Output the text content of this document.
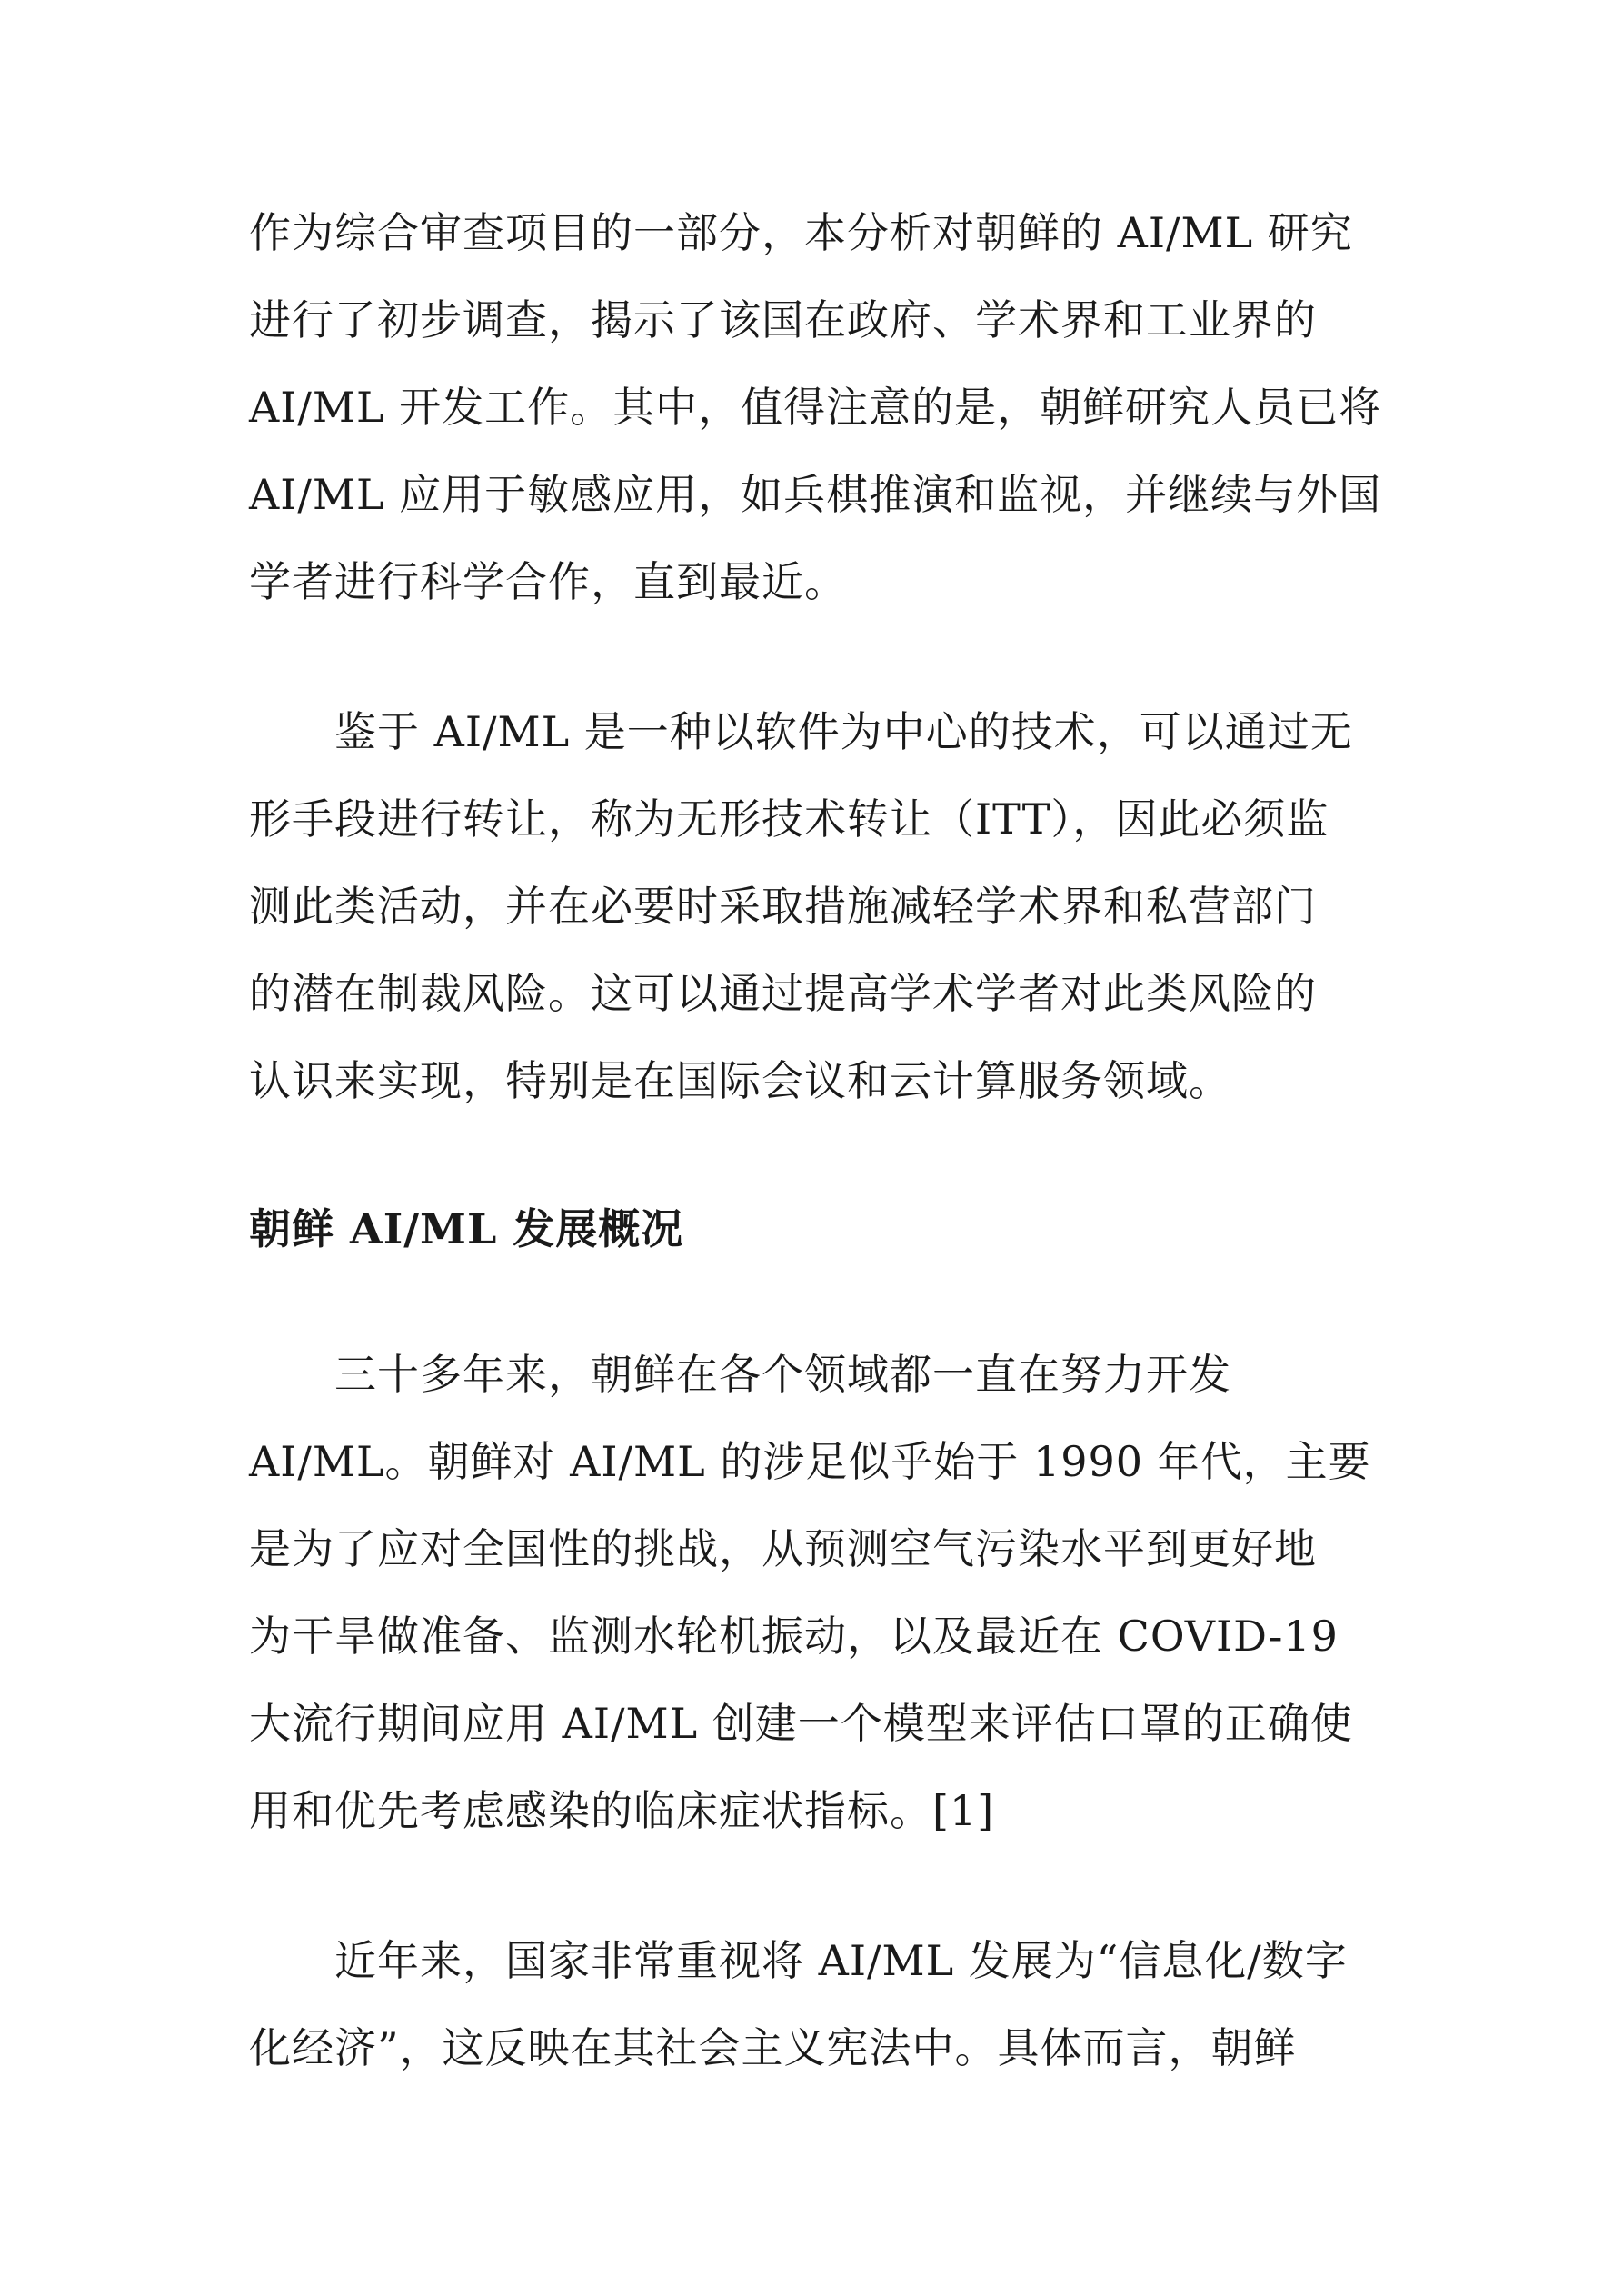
作为综合审查项目的一部分，本分析对朝鲜的 AI/ML 研究

进行了初步调查，揭示了该国在政府、学术界和工业界的

AI/ML 开发工作。其中，值得注意的是，朝鲜研究人员已将

AI/ML 应用于敏感应用，如兵棋推演和监视，并继续与外国

学者进行科学合作，直到最近。

　　鉴于 AI/ML 是一种以软件为中心的技术，可以通过无

形手段进行转让，称为无形技术转让（ITT），因此必须监

测此类活动，并在必要时采取措施减轻学术界和私营部门

的潜在制裁风险。这可以通过提高学术学者对此类风险的

认识来实现，特别是在国际会议和云计算服务领域。

朝鲜 AI/ML 发展概况

　　三十多年来，朝鲜在各个领域都一直在努力开发

AI/ML。朝鲜对 AI/ML 的涉足似乎始于 1990 年代，主要

是为了应对全国性的挑战，从预测空气污染水平到更好地

为干旱做准备、监测水轮机振动，以及最近在 COVID-19

大流行期间应用 AI/ML 创建一个模型来评估口罩的正确使

用和优先考虑感染的临床症状指标。[1]

　　近年来，国家非常重视将 AI/ML 发展为“信息化/数字

化经济”，这反映在其社会主义宪法中。具体而言，朝鲜
